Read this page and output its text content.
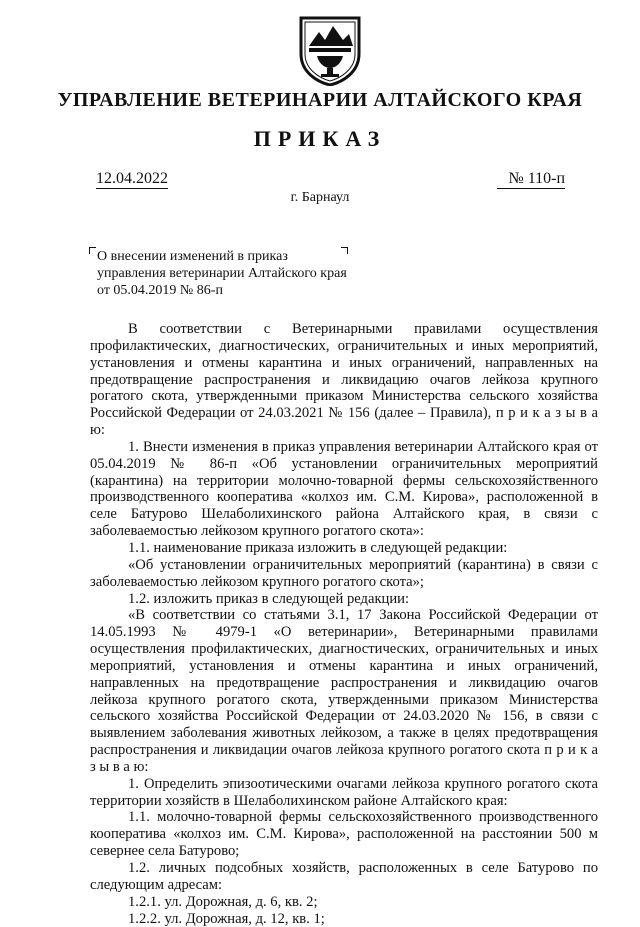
УПРАВЛЕНИЕ ВЕТЕРИНАРИИ АЛТАЙСКОГО КРАЯ
ПРИКАЗ
12.04.2022	№ 110-п
г. Барнаул
О внесении изменений в приказ управления ветеринарии Алтайского края от 05.04.2019 № 86-п

В соответствии с Ветеринарными правилами осуществления профилактических, диагностических, ограничительных и иных мероприятий, установления и отмены карантина и иных ограничений, направленных на предотвращение распространения и ликвидацию очагов лейкоза крупного рогатого скота, утвержденными приказом Министерства сельского хозяйства Российской Федерации от 24.03.2021 № 156 (далее – Правила), п р и к а з ы в а ю:

1. Внести изменения в приказ управления ветеринарии Алтайского края от 05.04.2019 № 86-п «Об установлении ограничительных мероприятий (карантина) на территории молочно-товарной фермы сельскохозяйственного производственного кооператива «колхоз им. С.М. Кирова», расположенной в селе Батурово Шелаболихинского района Алтайского края, в связи с заболеваемостью лейкозом крупного рогатого скота»:

1.1. наименование приказа изложить в следующей редакции:

«Об установлении ограничительных мероприятий (карантина) в связи с заболеваемостью лейкозом крупного рогатого скота»;

1.2. изложить приказ в следующей редакции:

«В соответствии со статьями 3.1, 17 Закона Российской Федерации от 14.05.1993 № 4979-1 «О ветеринарии», Ветеринарными правилами осуществления профилактических, диагностических, ограничительных и иных мероприятий, установления и отмены карантина и иных ограничений, направленных на предотвращение распространения и ликвидацию очагов лейкоза крупного рогатого скота, утвержденными приказом Министерства сельского хозяйства Российской Федерации от 24.03.2020 № 156, в связи с выявлением заболевания животных лейкозом, а также в целях предотвращения распространения и ликвидации очагов лейкоза крупного рогатого скота п р и к а з ы в а ю:

1. Определить эпизоотическими очагами лейкоза крупного рогатого скота территории хозяйств в Шелаболихинском районе Алтайского края:

1.1. молочно-товарной фермы сельскохозяйственного производственного кооператива «колхоз им. С.М. Кирова», расположенной на расстоянии 500 м севернее села Батурово;

1.2. личных подсобных хозяйств, расположенных в селе Батурово по следующим адресам:

1.2.1. ул. Дорожная, д. 6, кв. 2;

1.2.2. ул. Дорожная, д. 12, кв. 1;
